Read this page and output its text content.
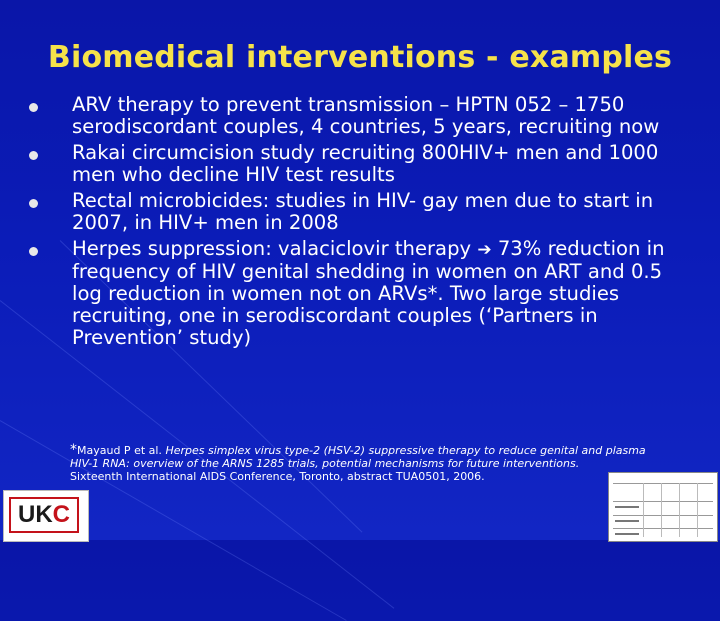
Biomedical interventions - examples
ARV therapy to prevent transmission – HPTN 052 – 1750 serodiscordant couples, 4 countries, 5 years, recruiting now
Rakai circumcision study recruiting 800HIV+ men and 1000 men who decline HIV test results
Rectal microbicides: studies in HIV- gay men due to start in 2007, in HIV+ men in 2008
Herpes suppression: valaciclovir therapy ➔ 73% reduction in frequency of HIV genital shedding in women on ART and 0.5 log reduction in women not on ARVs*. Two large studies recruiting, one in serodiscordant couples (‘Partners in Prevention’ study)
*Mayaud P et al. Herpes simplex virus type-2 (HSV-2) suppressive therapy to reduce genital and plasma HIV-1 RNA: overview of the ARNS 1285 trials, potential mechanisms for future interventions.
Sixteenth International AIDS Conference, Toronto, abstract TUA0501, 2006.
UK C
